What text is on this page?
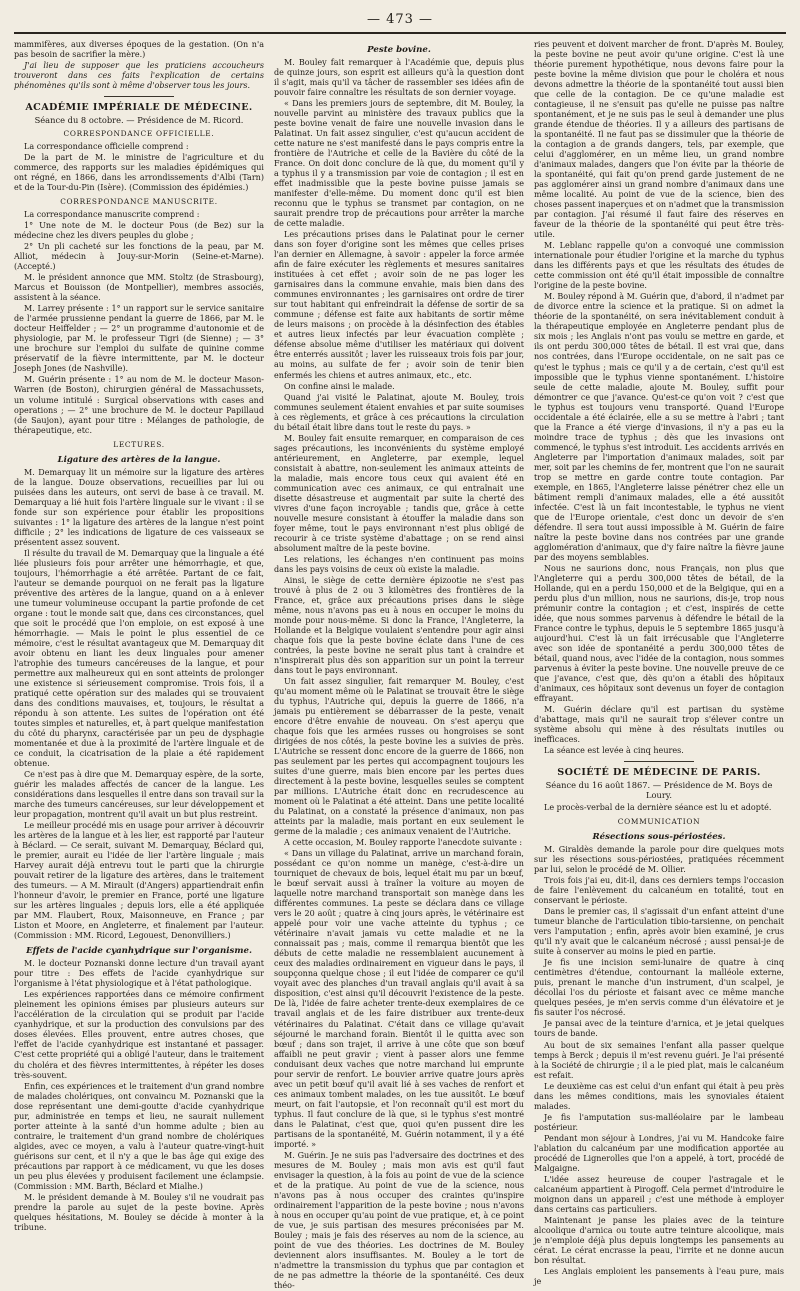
— 473 —

mammifères, aux diverses époques de la gestation. (On n'a pas besoin de sacrifier la mère.)

J'ai lieu de supposer que les praticiens accoucheurs trouveront dans ces faits l'explication de certains phénomènes qu'ils sont à même d'observer tous les jours.

ACADÉMIE IMPÉRIALE DE MÉDECINE.
Séance du 8 octobre. — Présidence de M. Ricord.
CORRESPONDANCE OFFICIELLE.

La correspondance officielle comprend :

De la part de M. le ministre de l'agriculture et du commerce, des rapports sur les maladies épidémiques qui ont régné, en 1866, dans les arrondissements d'Albi (Tarn) et de la Tour-du-Pin (Isère). (Commission des épidémies.)

CORRESPONDANCE MANUSCRITE.

La correspondance manuscrite comprend :

1° Une note de M. le docteur Pous (de Bez) sur la médecine chez les divers peuples du globe ;

2° Un pli cacheté sur les fonctions de la peau, par M. Alliot, médecin à Jouy-sur-Morin (Seine-et-Marne). (Accepté.)

M. le président annonce que MM. Stoltz (de Strasbourg), Marcus et Bouisson (de Montpellier), membres associés, assistent à la séance.

M. Larrey présente : 1° un rapport sur le service sanitaire de l'armée prussienne pendant la guerre de 1866, par M. le docteur Heiffelder ; — 2° un programme d'autonomie et de physiologie, par M. le professeur Tigri (de Sienne) ; — 3° une brochure sur l'emploi du sulfate de quinine comme préservatif de la fièvre intermittente, par M. le docteur Joseph Jones (de Nashville).

M. Guérin présente : 1° au nom de M. le docteur Mason-Warren (de Boston), chirurgien général de Massachussets, un volume intitulé : Surgical observations with cases and operations ; — 2° une brochure de M. le docteur Papillaud (de Saujon), ayant pour titre : Mélanges de pathologie, de thérapeutique, etc.

LECTURES.
Ligature des artères de la langue.

M. Demarquay lit un mémoire sur la ligature des artères de la langue. Douze observations, recueillies par lui ou puisées dans les auteurs, ont servi de base à ce travail. M. Demarquay a lié huit fois l'artère linguale sur le vivant : il se fonde sur son expérience pour établir les propositions suivantes : 1° la ligature des artères de la langue n'est point difficile ; 2° les indications de ligature de ces vaisseaux se présentent assez souvent.

Il résulte du travail de M. Demarquay que la linguale a été liée plusieurs fois pour arrêter une hémorrhagie, et que, toujours, l'hémorrhagie a été arrêtée. Partant de ce fait, l'auteur se demande pourquoi on ne ferait pas la ligature préventive des artères de la langue, quand on a à enlever une tumeur volumineuse occupant la partie profonde de cet organe : tout le monde sait que, dans ces circonstances, quel que soit le procédé que l'on emploie, on est exposé à une hémorrhagie. — Mais le point le plus essentiel de ce mémoire, c'est le résultat avantageux que M. Demarquay dit avoir obtenu en liant les deux linguales pour amener l'atrophie des tumeurs cancéreuses de la langue, et pour permettre aux malheureux qui en sont atteints de prolonger une existence si sérieusement compromise. Trois fois, il a pratiqué cette opération sur des malades qui se trouvaient dans des conditions mauvaises, et, toujours, le résultat a répondu à son attente. Les suites de l'opération ont été toutes simples et naturelles, et, à part quelque manifestation du côté du pharynx, caractérisée par un peu de dysphagie momentanée et due à la proximité de l'artère linguale et de ce conduit, la cicatrisation de la plaie a été rapidement obtenue.

Ce n'est pas à dire que M. Demarquay espère, de la sorte, guérir les malades affectés de cancer de la langue. Les considérations dans lesquelles il entre dans son travail sur la marche des tumeurs cancéreuses, sur leur développement et leur propagation, montrent qu'il avait un but plus restreint.

Le meilleur procédé mis en usage pour arriver à découvrir les artères de la langue et à les lier, est rapporté par l'auteur à Béclard. — Ce serait, suivant M. Demarquay, Béclard qui, le premier, aurait eu l'idée de lier l'artère linguale ; mais Harvey aurait déjà entrevu tout le parti que la chirurgie pouvait retirer de la ligature des artères, dans le traitement des tumeurs. — A M. Mirault (d'Angers) appartiendrait enfin l'honneur d'avoir, le premier en France, porté une ligature sur les artères linguales ; depuis lors, elle a été appliquée par MM. Flaubert, Roux, Maisonneuve, en France ; par Liston et Moore, en Angleterre, et finalement par l'auteur. (Commission : MM. Ricord, Legouest, Denonvilliers.)

Effets de l'acide cyanhydrique sur l'organisme.

M. le docteur Poznanski donne lecture d'un travail ayant pour titre : Des effets de l'acide cyanhydrique sur l'organisme à l'état physiologique et à l'état pathologique.

Les expériences rapportées dans ce mémoire confirment pleinement les opinions émises par plusieurs auteurs sur l'accélération de la circulation qui se produit par l'acide cyanhydrique, et sur la production des convulsions par des doses élevées. Elles prouvent, entre autres choses, que l'effet de l'acide cyanhydrique est instantané et passager. C'est cette propriété qui a obligé l'auteur, dans le traitement du choléra et des fièvres intermittentes, à répéter les doses très-souvent.

Enfin, ces expériences et le traitement d'un grand nombre de malades cholériques, ont convaincu M. Poznanski que la dose représentant une demi-goutte d'acide cyanhydrique pur, administrée en temps et lieu, ne saurait nullement porter atteinte à la santé d'un homme adulte ; bien au contraire, le traitement d'un grand nombre de cholériques algides, avec ce moyen, a valu à l'auteur quatre-vingt-huit guérisons sur cent, et il n'y a que le bas âge qui exige des précautions par rapport à ce médicament, vu que les doses un peu plus élevées y produisent facilement une éclampsie. (Commission : MM. Barth, Béclard et Mialhe.)

M. le président demande à M. Bouley s'il ne voudrait pas prendre la parole au sujet de la peste bovine. Après quelques hésitations, M. Bouley se décide à monter à la tribune.

Peste bovine.

M. Bouley fait remarquer à l'Académie que, depuis plus de quinze jours, son esprit est ailleurs qu'à la question dont il s'agit, mais qu'il va tâcher de rassembler ses idées afin de pouvoir faire connaître les résultats de son dernier voyage.

« Dans les premiers jours de septembre, dit M. Bouley, la nouvelle parvint au ministère des travaux publics que la peste bovine venait de faire une nouvelle invasion dans le Palatinat. Un fait assez singulier, c'est qu'aucun accident de cette nature ne s'est manifesté dans le pays compris entre la frontière de l'Autriche et celle de la Bavière du côté de la France. On doit donc conclure de là que, du moment qu'il y a typhus il y a transmission par voie de contagion ; il est en effet inadmissible que la peste bovine puisse jamais se manifester d'elle-même. Du moment donc qu'il est bien reconnu que le typhus se transmet par contagion, on ne saurait prendre trop de précautions pour arrêter la marche de cette maladie.

Les précautions prises dans le Palatinat pour le cerner dans son foyer d'origine sont les mêmes que celles prises l'an dernier en Allemagne, à savoir : appeler la force armée afin de faire exécuter les règlements et mesures sanitaires instituées à cet effet ; avoir soin de ne pas loger les garnisaires dans la commune envahie, mais bien dans des communes environnantes ; les garnisaires ont ordre de tirer sur tout habitant qui enfreindrait la défense de sortir de sa commune ; défense est faite aux habitants de sortir même de leurs maisons ; on procède à la désinfection des étables et autres lieux infectés par leur évacuation complète ; défense absolue même d'utiliser les matériaux qui doivent être enterrés aussitôt ; laver les ruisseaux trois fois par jour, au moins, au sulfate de fer ; avoir soin de tenir bien enfermés les chiens et autres animaux, etc., etc.

On confine ainsi le malade.

Quand j'ai visité le Palatinat, ajoute M. Bouley, trois communes seulement étaient envahies et par suite soumises à ces règlements, et grâce à ces précautions la circulation du bétail était libre dans tout le reste du pays. »

M. Bouley fait ensuite remarquer, en comparaison de ces sages précautions, les inconvénients du système employé antérieurement, en Angleterre, par exemple, lequel consistait à abattre, non-seulement les animaux atteints de la maladie, mais encore tous ceux qui avaient été en communication avec ces animaux, ce qui entraînait une disette désastreuse et augmentait par suite la cherté des vivres d'une façon incroyable ; tandis que, grâce à cette nouvelle mesure consistant à étouffer la maladie dans son foyer même, tout le pays environnant n'est plus obligé de recourir à ce triste système d'abattage ; on se rend ainsi absolument maître de la peste bovine.

Les relations, les échanges n'en continuent pas moins dans les pays voisins de ceux où existe la maladie.

Ainsi, le siège de cette dernière épizootie ne s'est pas trouvé à plus de 2 ou 3 kilomètres des frontières de la France, et, grâce aux précautions prises dans le siège même, nous n'avons pas eu à nous en occuper le moins du monde pour nous-même. Si donc la France, l'Angleterre, la Hollande et la Belgique voulaient s'entendre pour agir ainsi chaque fois que la peste bovine éclate dans l'une de ces contrées, la peste bovine ne serait plus tant à craindre et n'inspirerait plus dès son apparition sur un point la terreur dans tout le pays environnant.

Un fait assez singulier, fait remarquer M. Bouley, c'est qu'au moment même où le Palatinat se trouvait être le siège du typhus, l'Autriche qui, depuis la guerre de 1866, n'a jamais pu entièrement se débarrasser de la peste, venait encore d'être envahie de nouveau. On s'est aperçu que chaque fois que les armées russes ou hongroises se sont dirigées de nos côtés, la peste bovine les a suivies de près. L'Autriche se ressent donc encore de la guerre de 1866, non pas seulement par les pertes qui accompagnent toujours les suites d'une guerre, mais bien encore par les pertes dues directement à la peste bovine, lesquelles seules se comptent par millions. L'Autriche était donc en recrudescence au moment où le Palatinat a été atteint. Dans une petite localité du Palatinat, on a constaté la présence d'animaux, non pas atteints par la maladie, mais portant en eux seulement le germe de la maladie ; ces animaux venaient de l'Autriche.

A cette occasion, M. Bouley rapporte l'anecdote suivante :

« Dans un village du Palatinat, arrive un marchand forain, possédant ce qu'on nomme un manège, c'est-à-dire un tourniquet de chevaux de bois, lequel était mu par un bœuf, le bœuf servait aussi à traîner la voiture au moyen de laquelle notre marchand transportait son manège dans les différentes communes. La peste se déclara dans ce village vers le 20 août ; quatre à cinq jours après, le vétérinaire est appelé pour voir une vache atteinte du typhus ; ce vétérinaire n'avait jamais vu cette maladie et ne la connaissait pas ; mais, comme il remarqua bientôt que les débuts de cette maladie ne ressemblaient aucunement à ceux des maladies ordinairement en vigueur dans le pays, il soupçonna quelque chose ; il eut l'idée de comparer ce qu'il voyait avec des planches d'un travail anglais qu'il avait à sa disposition, c'est ainsi qu'il découvrit l'existence de la peste. De là, l'idée de faire acheter trente-deux exemplaires de ce travail anglais et de les faire distribuer aux trente-deux vétérinaires du Palatinat. C'était dans ce village qu'avait séjourné le marchand forain. Bientôt il le quitta avec son bœuf ; dans son trajet, il arrive à une côte que son bœuf affaibli ne peut gravir ; vient à passer alors une femme conduisant deux vaches que notre marchand lui emprunte pour servir de renfort. Le bouvier arrive quatre jours après avec un petit bœuf qu'il avait lié à ses vaches de renfort et ces animaux tombent malades, on les tue aussitôt. Le bœuf meurt, on fait l'autopsie, et l'on reconnaît qu'il est mort du typhus. Il faut conclure de là que, si le typhus s'est montré dans le Palatinat, c'est que, quoi qu'en pussent dire les partisans de la spontanéité, M. Guérin notamment, il y a été importé. »

M. Guérin. Je ne suis pas l'adversaire des doctrines et des mesures de M. Bouley ; mais mon avis est qu'il faut envisager la question, à la fois au point de vue de la science et de la pratique. Au point de vue de la science, nous n'avons pas à nous occuper des craintes qu'inspire ordinairement l'apparition de la peste bovine ; nous n'avons à nous en occuper qu'au point de vue pratique, et, à ce point de vue, je suis partisan des mesures préconisées par M. Bouley ; mais je fais des réserves au nom de la science, au point de vue des théories. Les doctrines de M. Bouley deviennent alors insuffisantes. M. Bouley a le tort de n'admettre la transmission du typhus que par contagion et de ne pas admettre la théorie de la spontanéité. Ces deux théo-

ries peuvent et doivent marcher de front. D'après M. Bouley, la peste bovine ne peut avoir qu'une origine. C'est là une théorie purement hypothétique, nous devons faire pour la peste bovine la même division que pour le choléra et nous devons admettre la théorie de la spontanéité tout aussi bien que celle de la contagion. De ce qu'une maladie est contagieuse, il ne s'ensuit pas qu'elle ne puisse pas naître spontanément, et je ne suis pas le seul à demander une plus grande étendue de théories. Il y a ailleurs des partisans de la spontanéité. Il ne faut pas se dissimuler que la théorie de la contagion a de grands dangers, tels, par exemple, que celui d'agglomérer, en un même lieu, un grand nombre d'animaux malades, dangers que l'on évite par la théorie de la spontanéité, qui fait qu'on prend garde justement de ne pas agglomérer ainsi un grand nombre d'animaux dans une même localité. Au point de vue de la science, bien des choses passent inaperçues et on n'admet que la transmission par contagion. J'ai résumé il faut faire des réserves en faveur de la théorie de la spontanéité qui peut être très-utile.

M. Leblanc rappelle qu'on a convoqué une commission internationale pour étudier l'origine et la marche du typhus dans les différents pays et que les résultats des études de cette commission ont été qu'il était impossible de connaître l'origine de la peste bovine.

M. Bouley répond à M. Guérin que, d'abord, il n'admet par de divorce entre la science et la pratique. Si on admet la théorie de la spontanéité, on sera inévitablement conduit à la thérapeutique employée en Angleterre pendant plus de six mois ; les Anglais n'ont pas voulu se mettre en garde, et ils ont perdu 300,000 têtes de bétail. Il est vrai que, dans nos contrées, dans l'Europe occidentale, on ne sait pas ce qu'est le typhus ; mais ce qu'il y a de certain, c'est qu'il est impossible que le typhus vienne spontanément. L'histoire seule de cette maladie, ajoute M. Bouley, suffit pour démontrer ce que j'avance. Qu'est-ce qu'on voit ? c'est que le typhus est toujours venu transporté. Quand l'Europe occidentale a été éclairée, elle a su se mettre à l'abri ; tant que la France a été vierge d'invasions, il n'y a pas eu la moindre trace de typhus ; dès que les invasions ont commencé, le typhus s'est introduit. Les accidents arrivés en Angleterre par l'importation d'animaux malades, soit par mer, soit par les chemins de fer, montrent que l'on ne saurait trop se mettre en garde contre toute contagion. Par exemple, en 1865, l'Angleterre laisse pénétrer chez elle un bâtiment rempli d'animaux malades, elle a été aussitôt infectée. C'est là un fait incontestable, le typhus ne vient que de l'Europe orientale, c'est donc un devoir de s'en défendre. Il sera tout aussi impossible à M. Guérin de faire naître la peste bovine dans nos contrées par une grande agglomération d'animaux, que d'y faire naître la fièvre jaune par des moyens semblables.

Nous ne saurions donc, nous Français, non plus que l'Angleterre qui a perdu 300,000 têtes de bétail, de la Hollande, qui en a perdu 150,000 et de la Belgique, qui en a perdu plus d'un million, nous ne saurions, dis-je, trop nous prémunir contre la contagion ; et c'est, inspirés de cette idée, que nous sommes parvenus à défendre le bétail de la France contre le typhus, depuis le 5 septembre 1865 jusqu'à aujourd'hui. C'est là un fait irrécusable que l'Angleterre avec son idée de spontanéité a perdu 300,000 têtes de bétail, quand nous, avec l'idée de la contagion, nous sommes parvenus à éviter la peste bovine. Une nouvelle preuve de ce que j'avance, c'est que, dès qu'on a établi des hôpitaux d'animaux, ces hôpitaux sont devenus un foyer de contagion effrayant.

M. Guérin déclare qu'il est partisan du système d'abattage, mais qu'il ne saurait trop s'élever contre un système absolu qui mène à des résultats inutiles ou inefficaces.

La séance est levée à cinq heures.

SOCIÉTÉ DE MÉDECINE DE PARIS.
Séance du 16 août 1867. — Présidence de M. Boys de Loury.

Le procès-verbal de la dernière séance est lu et adopté.

COMMUNICATION
Résections sous-périostées.

M. Giraldès demande la parole pour dire quelques mots sur les résections sous-périostées, pratiquées récemment par lui, selon le procédé de M. Ollier.

Trois fois j'ai eu, dit-il, dans ces derniers temps l'occasion de faire l'enlèvement du calcanéum en totalité, tout en conservant le périoste.

Dans le premier cas, il s'agissait d'un enfant atteint d'une tumeur blanche de l'articulation tibio-tarsienne, on penchait vers l'amputation ; enfin, après avoir bien examiné, je crus qu'il n'y avait que le calcanéum nécrosé ; aussi pensai-je de suite à conserver au moins le pied en partie.

Je fis une incision semi-lunaire de quatre à cinq centimètres d'étendue, contournant la malléole externe, puis, prenant le manche d'un instrument, d'un scalpel, je décollai l'os du périoste et faisant avec ce même manche quelques pesées, je m'en servis comme d'un élévatoire et je fis sauter l'os nécrosé.

Je pansai avec de la teinture d'arnica, et je jetai quelques tours de bande.

Au bout de six semaines l'enfant alla passer quelque temps à Berck ; depuis il m'est revenu guéri. Je l'ai présenté à la Société de chirurgie ; il a le pied plat, mais le calcanéum est refait.

Le deuxième cas est celui d'un enfant qui était à peu près dans les mêmes conditions, mais les synoviales étaient malades.

Je fis l'amputation sus-malléolaire par le lambeau postérieur.

Pendant mon séjour à Londres, j'ai vu M. Handcoke faire l'ablation du calcanéum par une modification apportée au procédé de Lignerolles que l'on a appelé, à tort, procédé de Malgaigne.

L'idée assez heureuse de couper l'astragale et le calcanéum appartient à Pirogoff. Cela permet d'introduire le moignon dans un appareil ; c'est une méthode à employer dans certains cas particuliers.

Maintenant je panse les plaies avec de la teinture alcoolique d'arnica ou toute autre teinture alcoolique, mais je n'emploie déjà plus depuis longtemps les pansements au cérat. Le cérat encrasse la peau, l'irrite et ne donne aucun bon résultat.

Les Anglais emploient les pansements à l'eau pure, mais je
